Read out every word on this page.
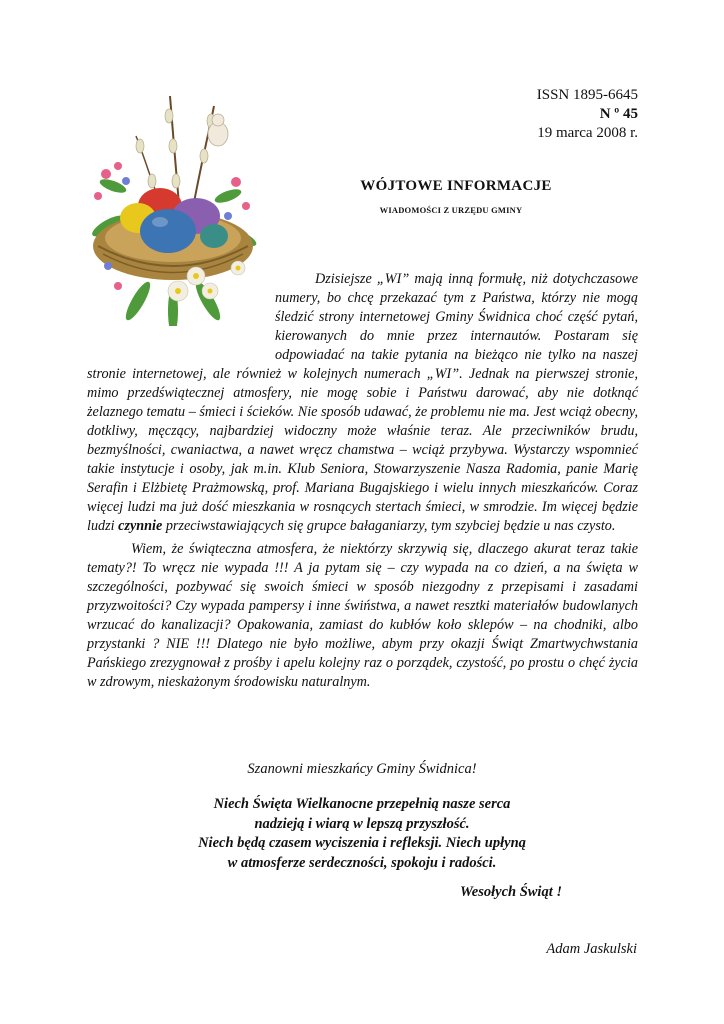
ISSN 1895-6645
N º 45
19 marca 2008 r.
WÓJTOWE INFORMACJE
WIADOMOŚCI Z URZĘDU GMINY

Dzisiejsze „WI” mają inną formułę, niż dotychczasowe numery, bo chcę przekazać tym z Państwa, którzy nie mogą śledzić strony internetowej Gminy Świdnica choć część pytań, kierowanych do mnie przez internautów. Postaram się odpowiadać na takie pytania na bieżąco nie tylko na naszej stronie internetowej, ale również w kolejnych numerach „WI”. Jednak na pierwszej stronie, mimo przedświątecznej atmosfery, nie mogę sobie i Państwu darować, aby nie dotknąć żelaznego tematu – śmieci i ścieków. Nie sposób udawać, że problemu nie ma. Jest wciąż obecny, dotkliwy, męczący, najbardziej widoczny może właśnie teraz. Ale przeciwników brudu, bezmyślności, cwaniactwa, a nawet wręcz chamstwa – wciąż przybywa. Wystarczy wspomnieć takie instytucje i osoby, jak m.in. Klub Seniora, Stowarzyszenie Nasza Radomia, panie Marię Serafin i Elżbietę Prażmowską, prof. Mariana Bugajskiego i wielu innych mieszkańców. Coraz więcej ludzi ma już dość mieszkania w rosnących stertach śmieci, w smrodzie. Im więcej będzie ludzi czynnie przeciwstawiających się grupce bałaganiarzy, tym szybciej będzie u nas czysto.

Wiem, że świąteczna atmosfera, że niektórzy skrzywią się, dlaczego akurat teraz takie tematy?! To wręcz nie wypada !!! A ja pytam się – czy wypada na co dzień, a na święta w szczególności, pozbywać się swoich śmieci w sposób niezgodny z przepisami i zasadami przyzwoitości? Czy wypada pampersy i inne świństwa, a nawet resztki materiałów budowlanych wrzucać do kanalizacji? Opakowania, zamiast do kubłów koło sklepów – na chodniki, albo przystanki ? NIE !!! Dlatego nie było możliwe, abym przy okazji Świąt Zmartwychwstania Pańskiego zrezygnował z prośby i apelu kolejny raz o porządek, czystość, po prostu o chęć życia w zdrowym, nieskażonym środowisku naturalnym.

Szanowni mieszkańcy Gminy Świdnica!
Niech Święta Wielkanocne przepełnią nasze serca
nadzieją i wiarą w lepszą przyszłość.
Niech będą czasem wyciszenia i refleksji. Niech upłyną
w atmosferze serdeczności, spokoju i radości.
Wesołych Świąt !
Adam Jaskulski
